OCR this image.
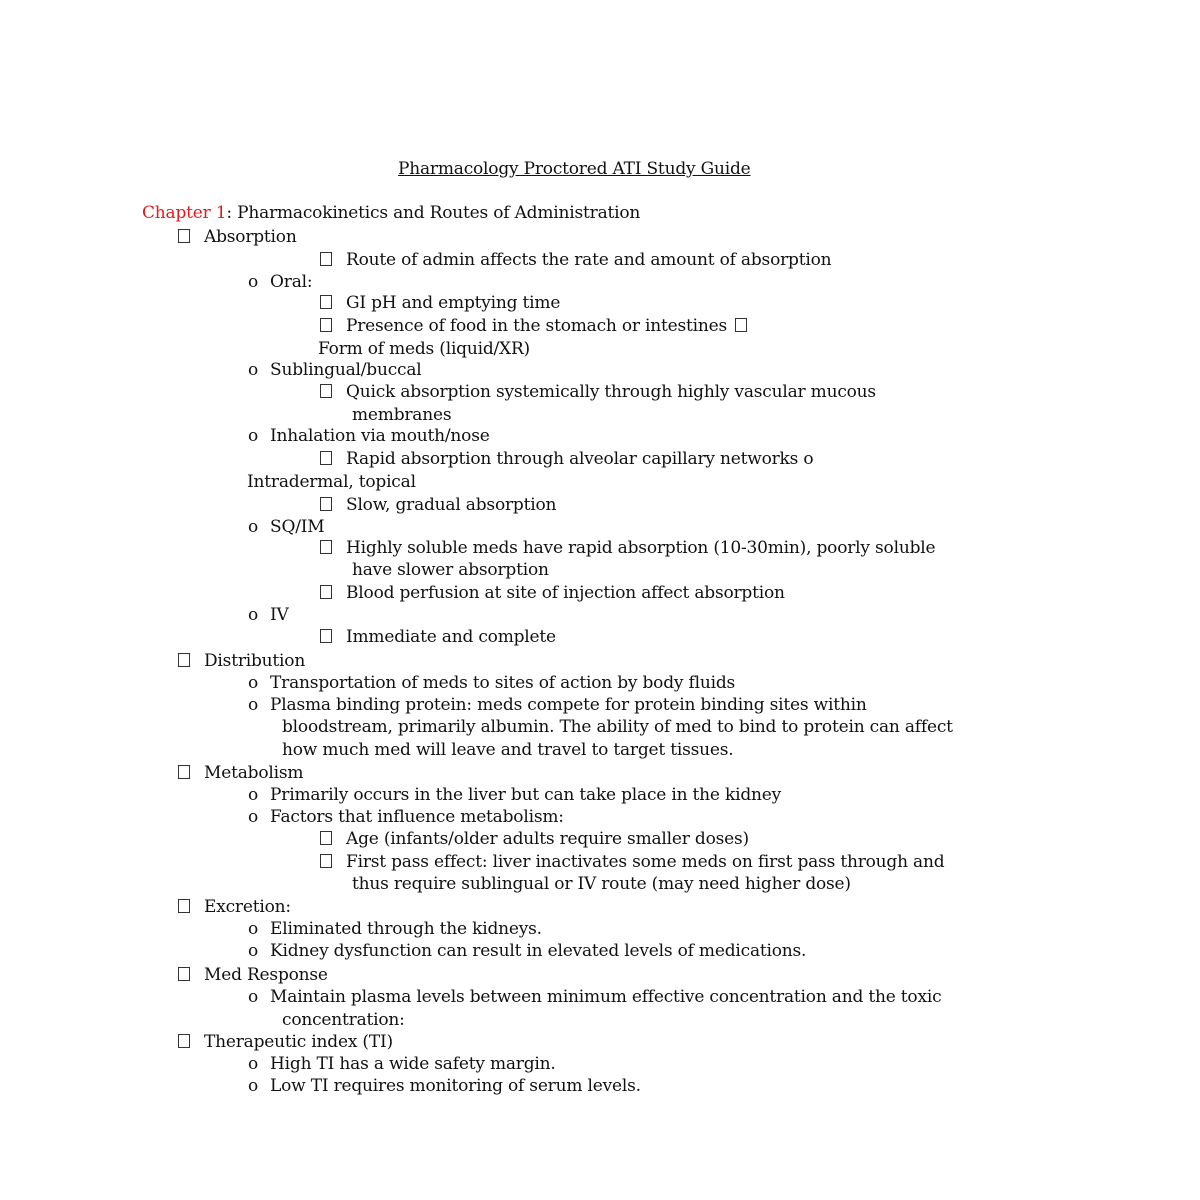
Pharmacology Proctored ATI Study Guide
Chapter 1: Pharmacokinetics and Routes of Administration
Absorption
Route of admin affects the rate and amount of absorption
o Oral:
GI pH and emptying time
Presence of food in the stomach or intestines
Form of meds (liquid/XR)
o Sublingual/buccal
Quick absorption systemically through highly vascular mucous
membranes
o Inhalation via mouth/nose
Rapid absorption through alveolar capillary networks o
Intradermal, topical
Slow, gradual absorption
o SQ/IM
Highly soluble meds have rapid absorption (10-30min), poorly soluble
have slower absorption
Blood perfusion at site of injection affect absorption
o IV
Immediate and complete
Distribution
o Transportation of meds to sites of action by body fluids
o Plasma binding protein: meds compete for protein binding sites within
bloodstream, primarily albumin. The ability of med to bind to protein can affect
how much med will leave and travel to target tissues.
Metabolism
o Primarily occurs in the liver but can take place in the kidney
o Factors that influence metabolism:
Age (infants/older adults require smaller doses)
First pass effect: liver inactivates some meds on first pass through and
thus require sublingual or IV route (may need higher dose)
Excretion:
o Eliminated through the kidneys.
o Kidney dysfunction can result in elevated levels of medications.
Med Response
o Maintain plasma levels between minimum effective concentration and the toxic
concentration:
Therapeutic index (TI)
o High TI has a wide safety margin.
o Low TI requires monitoring of serum levels.
